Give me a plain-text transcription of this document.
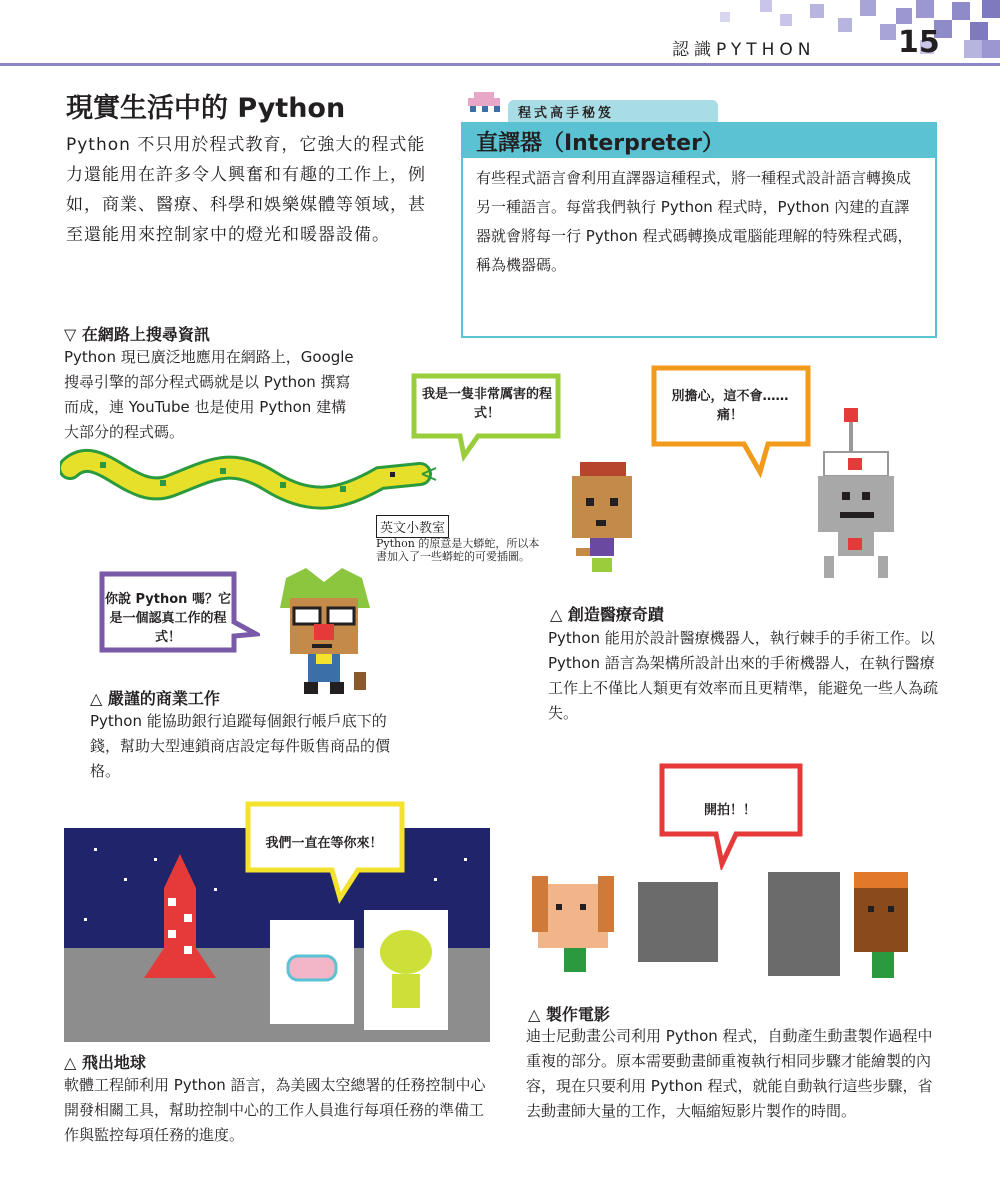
認識PYTHON	15
現實生活中的 Python
Python 不只用於程式教育，它強大的程式能力還能用在許多令人興奮和有趣的工作上，例如，商業、醫療、科學和娛樂媒體等領域，甚至還能用來控制家中的燈光和暖器設備。
程式高手秘笈
直譯器（Interpreter）
有些程式語言會利用直譯器這種程式，將一種程式設計語言轉換成另一種語言。每當我們執行 Python 程式時，Python 內建的直譯器就會將每一行 Python 程式碼轉換成電腦能理解的特殊程式碼，稱為機器碼。
▽ 在網路上搜尋資訊
Python 現已廣泛地應用在網路上，Google 搜尋引擎的部分程式碼就是以 Python 撰寫而成，連 YouTube 也是使用 Python 建構大部分的程式碼。
我是一隻非常厲害的程式！
別擔心，這不會……痛！
英文小教室
Python 的原意是大蟒蛇，所以本書加入了一些蟒蛇的可愛插圖。
你說 Python 嗎？它是一個認真工作的程式！
△ 嚴謹的商業工作
Python 能協助銀行追蹤每個銀行帳戶底下的錢，幫助大型連鎖商店設定每件販售商品的價格。
△ 創造醫療奇蹟
Python 能用於設計醫療機器人，執行棘手的手術工作。以 Python 語言為架構所設計出來的手術機器人，在執行醫療工作上不僅比人類更有效率而且更精準，能避免一些人為疏失。
我們一直在等你來！
△ 飛出地球
軟體工程師利用 Python 語言，為美國太空總署的任務控制中心開發相關工具，幫助控制中心的工作人員進行每項任務的準備工作與監控每項任務的進度。
開拍！！
△ 製作電影
迪士尼動畫公司利用 Python 程式，自動產生動畫製作過程中重複的部分。原本需要動畫師重複執行相同步驟才能繪製的內容，現在只要利用 Python 程式，就能自動執行這些步驟，省去動畫師大量的工作，大幅縮短影片製作的時間。
